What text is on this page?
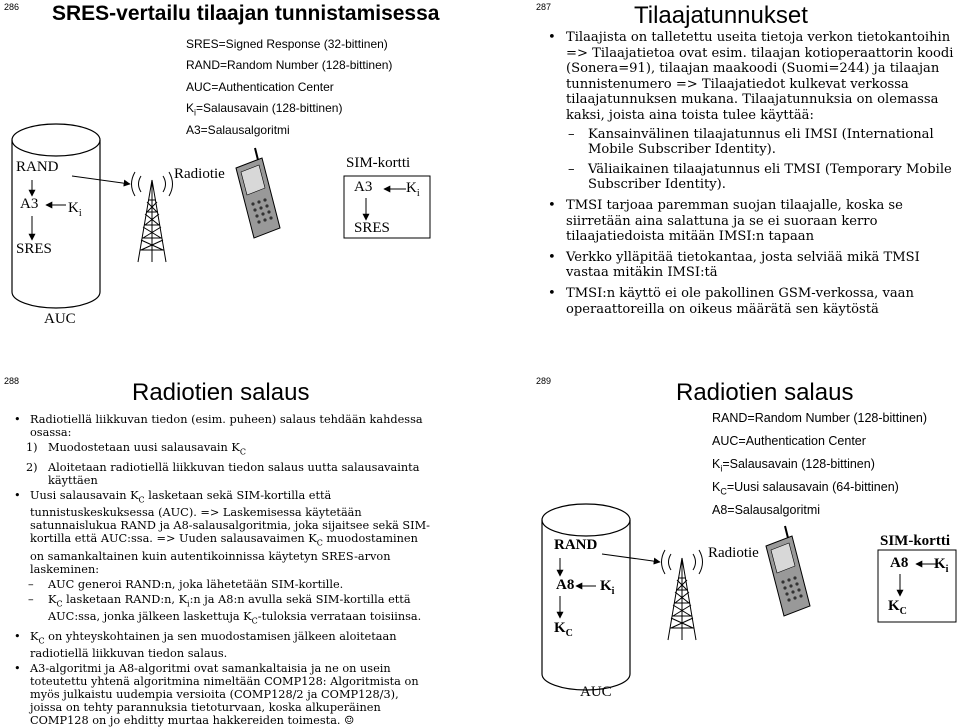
286 SRES-vertailu tilaajan tunnistamisessa
SRES=Signed Response (32-bittinen)
RAND=Random Number (128-bittinen)
AUC=Authentication Center
$K_i=Salausavain$ (128-bittinen)
A3=Salausalgoritmi
RAND
A3 $K_i$
SRES
AUC
Radiotie
SIM-kortti
A3 $K_i$
SRES
287	Tilaajatunnukset
• Tilaajista on talletettu useita tietoja verkon tietokantoihin => Tilaajatietoa ovat esim. tilaajan kotioperaattorin koodi (Sonera=91), tilaajan maakoodi (Suomi=244) ja tilaajan tunnistenumero => Tilaajatiedot kulkevat verkossa tilaajatunnuksen mukana. Tilaajatunnuksia on olemassa kaksi, joista aina toista tulee käyttää:
– Kansainvälinen tilaajatunnus eli IMSI (International Mobile Subscriber Identity).
– Väliaikainen tilaajatunnus eli TMSI (Temporary Mobile Subscriber Identity).
• TMSI tarjoaa paremman suojan tilaajalle, koska se siirretään aina salattuna ja se ei suoraan kerro tilaajatiedoista mitään IMSI:n tapaan
• Verkko ylläpitää tietokantaa, josta selviää mikä TMSI vastaa mitäkin IMSI:tä
• TMSI:n käyttö ei ole pakollinen GSM-verkossa, vaan operaattoreilla on oikeus määrätä sen käytöstä
288	Radiotien salaus
• Radiotiellä liikkuvan tiedon (esim. puheen) salaus tehdään kahdessa osassa:
1) Muodostetaan uusi salausavain $K_C$
2) Aloitetaan radiotiellä liikkuvan tiedon salaus uutta salausavainta käyttäen
• Uusi salausavain $K_C$ lasketaan sekä SIM-kortilla että tunnistuskeskuksessa (AUC). => Laskemisessa käytetään satunnaislukua RAND ja A8-salausalgoritmia, joka sijaitsee sekä SIM-kortilla että AUC:ssa. => Uuden salausavaimen $K_C$ muodostaminen on samankaltainen kuin autentikoinnissa käytetyn SRES-arvon laskeminen:
– AUC generoi RAND:n, joka lähetetään SIM-kortille.
– $K_C$ lasketaan RAND:n, $K_i:n$ ja A8:n avulla sekä SIM-kortilla että AUC:ssa, jonka jälkeen laskettuja $K_C$-tuloksia verrataan toisiinsa.
• $K_C$ on yhteyskohtainen ja sen muodostamisen jälkeen aloitetaan radiotiellä liikkuvan tiedon salaus.
• A3-algoritmi ja A8-algoritmi ovat samankaltaisia ja ne on usein toteutettu yhtenä algoritmina nimeltään COMP128: Algoritmista on myös julkaistu uudempia versioita (COMP128/2 ja COMP128/3), joissa on tehty parannuksia tietoturvaan, koska alkuperäinen COMP128 on jo ehditty murtaa hakkereiden toimesta. ☺
289	Radiotien salaus
RAND=Random Number (128-bittinen)
AUC=Authentication Center
$K_i=Salausavain$ (128-bittinen)
$K_C=Uusi$ salausavain (64-bittinen)
A8=Salausalgoritmi
RAND
A8 $K_i$
$K_C$
AUC
Radiotie
SIM-kortti
A8 $K_i$
$K_C$
